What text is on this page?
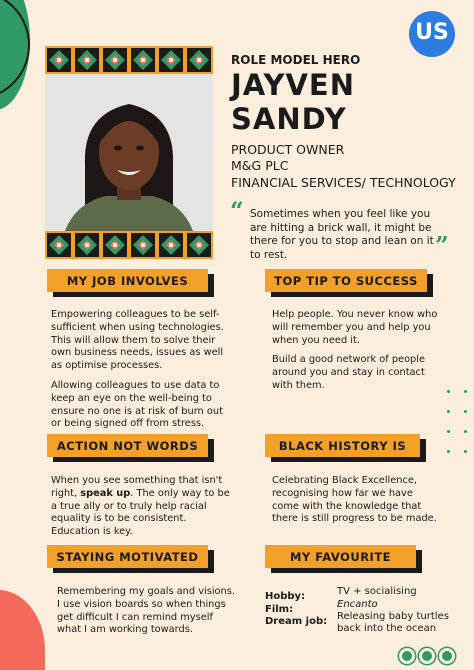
US
ROLE MODEL HERO
JAYVEN
SANDY
PRODUCT OWNER
M&G PLC
FINANCIAL SERVICES/ TECHNOLOGY
“ Sometimes when you feel like you are hitting a brick wall, it might be there for you to stop and lean on it to rest.	”
MY JOB INVOLVES

Empowering colleagues to be self-sufficient when using technologies. This will allow them to solve their own business needs, issues as well as optimise processes.

Allowing colleagues to use data to keep an eye on the well-being to ensure no one is at risk of burn out or being signed off from stress.

TOP TIP TO SUCCESS

Help people. You never know who will remember you and help you when you need it.

Build a good network of people around you and stay in contact with them.

ACTION NOT WORDS
When you see something that isn't right, speak up. The only way to be a true ally or to truly help racial equality is to be consistent. Education is key.
BLACK HISTORY IS
Celebrating Black Excellence, recognising how far we have come with the knowledge that there is still progress to be made.
STAYING MOTIVATED
Remembering my goals and visions. I use vision boards so when things get difficult I can remind myself what I am working towards.
MY FAVOURITE
Hobby:	TV + socialising
Film:	Encanto
Dream job: Releasing baby turtles back into the ocean
